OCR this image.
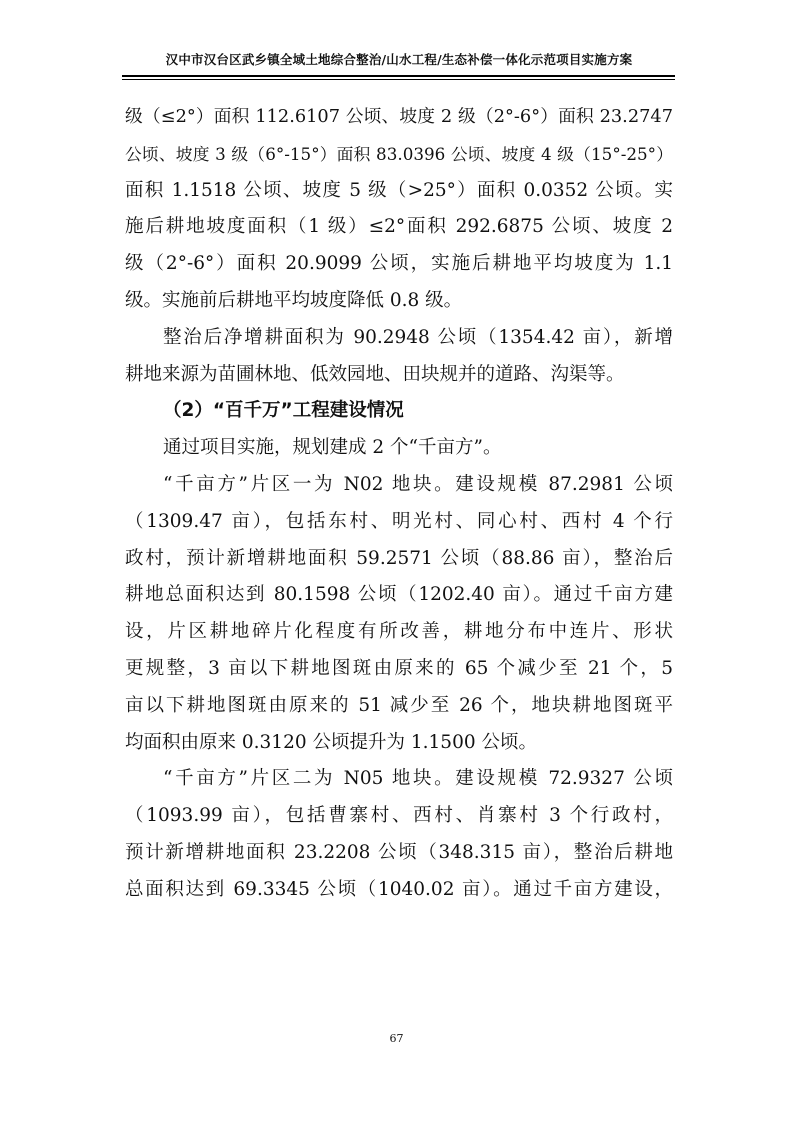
汉中市汉台区武乡镇全域土地综合整治/山水工程/生态补偿一体化示范项目实施方案
级（≤2°）面积 112.6107 公顷、坡度 2 级（2°-6°）面积 23.2747
公顷、坡度 3 级（6°-15°）面积 83.0396 公顷、坡度 4 级（15°-25°）
面积 1.1518 公顷、坡度 5 级（>25°）面积 0.0352 公顷。实
施后耕地坡度面积（1 级）≤2°面积 292.6875 公顷、坡度 2
级（2°-6°）面积 20.9099 公顷，实施后耕地平均坡度为 1.1
级。实施前后耕地平均坡度降低 0.8 级。
整治后净增耕面积为 90.2948 公顷（1354.42 亩），新增
耕地来源为苗圃林地、低效园地、田块规并的道路、沟渠等。
（2）“百千万”工程建设情况
通过项目实施，规划建成 2 个“千亩方”。
“千亩方”片区一为 N02 地块。建设规模 87.2981 公顷
（1309.47 亩），包括东村、明光村、同心村、西村 4 个行
政村，预计新增耕地面积 59.2571 公顷（88.86 亩），整治后
耕地总面积达到 80.1598 公顷（1202.40 亩）。通过千亩方建
设，片区耕地碎片化程度有所改善，耕地分布中连片、形状
更规整，3 亩以下耕地图斑由原来的 65 个减少至 21 个，5
亩以下耕地图斑由原来的 51 减少至 26 个，地块耕地图斑平
均面积由原来 0.3120 公顷提升为 1.1500 公顷。
“千亩方”片区二为 N05 地块。建设规模 72.9327 公顷
（1093.99 亩），包括曹寨村、西村、肖寨村 3 个行政村，
预计新增耕地面积 23.2208 公顷（348.315 亩），整治后耕地
总面积达到 69.3345 公顷（1040.02 亩）。通过千亩方建设，
67
